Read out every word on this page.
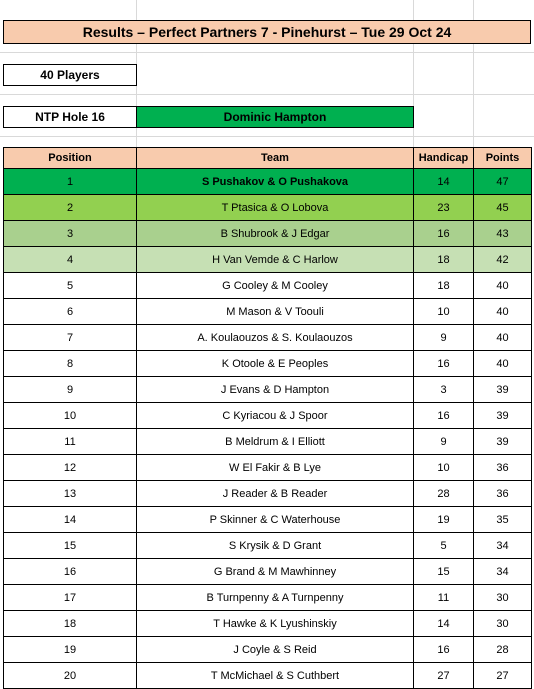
Results – Perfect Partners 7 - Pinehurst – Tue 29 Oct 24
40 Players
NTP Hole 16	Dominic Hampton
Position	Team	Handicap	Points
1	S Pushakov & O Pushakova	14	47
2	T Ptasica & O Lobova	23	45
3	B Shubrook & J Edgar	16	43
4	H Van Vemde & C Harlow	18	42
5	G Cooley & M Cooley	18	40
6	M Mason & V Toouli	10	40
7	A. Koulaouzos & S. Koulaouzos	9	40
8	K Otoole & E Peoples	16	40
9	J Evans & D Hampton	3	39
10	C Kyriacou & J Spoor	16	39
11	B Meldrum & I Elliott	9	39
12	W El Fakir & B Lye	10	36
13	J Reader & B Reader	28	36
14	P Skinner & C Waterhouse	19	35
15	S Krysik & D Grant	5	34
16	G Brand & M Mawhinney	15	34
17	B Turnpenny & A Turnpenny	11	30
18	T Hawke & K Lyushinskiy	14	30
19	J Coyle & S Reid	16	28
20	T McMichael & S Cuthbert	27	27
